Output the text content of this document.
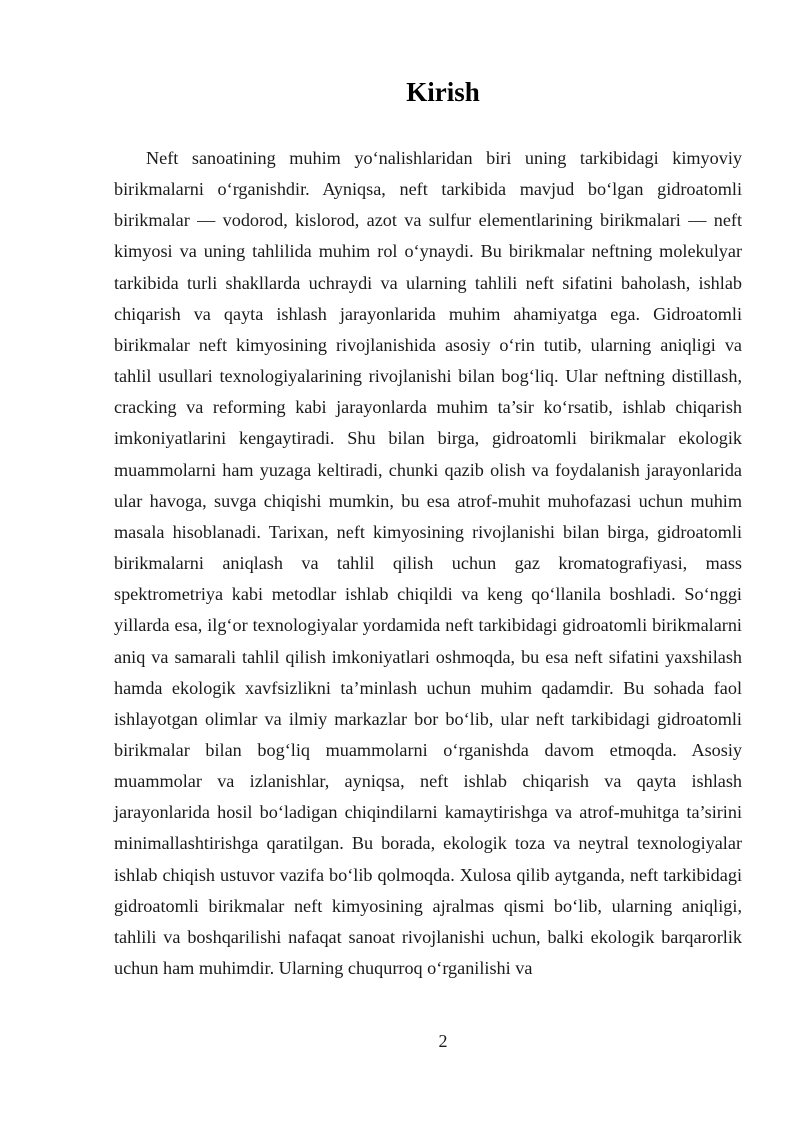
Kirish

Neft sanoatining muhim yo‘nalishlaridan biri uning tarkibidagi kimyoviy birikmalarni o‘rganishdir. Ayniqsa, neft tarkibida mavjud bo‘lgan gidroatomli birikmalar — vodorod, kislorod, azot va sulfur elementlarining birikmalari — neft kimyosi va uning tahlilida muhim rol o‘ynaydi. Bu birikmalar neftning molekulyar tarkibida turli shakllarda uchraydi va ularning tahlili neft sifatini baholash, ishlab chiqarish va qayta ishlash jarayonlarida muhim ahamiyatga ega. Gidroatomli birikmalar neft kimyosining rivojlanishida asosiy o‘rin tutib, ularning aniqligi va tahlil usullari texnologiyalarining rivojlanishi bilan bog‘liq. Ular neftning distillash, cracking va reforming kabi jarayonlarda muhim ta’sir ko‘rsatib, ishlab chiqarish imkoniyatlarini kengaytiradi. Shu bilan birga, gidroatomli birikmalar ekologik muammolarni ham yuzaga keltiradi, chunki qazib olish va foydalanish jarayonlarida ular havoga, suvga chiqishi mumkin, bu esa atrof-muhit muhofazasi uchun muhim masala hisoblanadi. Tarixan, neft kimyosining rivojlanishi bilan birga, gidroatomli birikmalarni aniqlash va tahlil qilish uchun gaz kromatografiyasi, mass spektrometriya kabi metodlar ishlab chiqildi va keng qo‘llanila boshladi. So‘nggi yillarda esa, ilg‘or texnologiyalar yordamida neft tarkibidagi gidroatomli birikmalarni aniq va samarali tahlil qilish imkoniyatlari oshmoqda, bu esa neft sifatini yaxshilash hamda ekologik xavfsizlikni ta’minlash uchun muhim qadamdir. Bu sohada faol ishlayotgan olimlar va ilmiy markazlar bor bo‘lib, ular neft tarkibidagi gidroatomli birikmalar bilan bog‘liq muammolarni o‘rganishda davom etmoqda. Asosiy muammolar va izlanishlar, ayniqsa, neft ishlab chiqarish va qayta ishlash jarayonlarida hosil bo‘ladigan chiqindilarni kamaytirishga va atrof-muhitga ta’sirini minimallashtirishga qaratilgan. Bu borada, ekologik toza va neytral texnologiyalar ishlab chiqish ustuvor vazifa bo‘lib qolmoqda. Xulosa qilib aytganda, neft tarkibidagi gidroatomli birikmalar neft kimyosining ajralmas qismi bo‘lib, ularning aniqligi, tahlili va boshqarilishi nafaqat sanoat rivojlanishi uchun, balki ekologik barqarorlik uchun ham muhimdir. Ularning chuqurroq o‘rganilishi va

2
